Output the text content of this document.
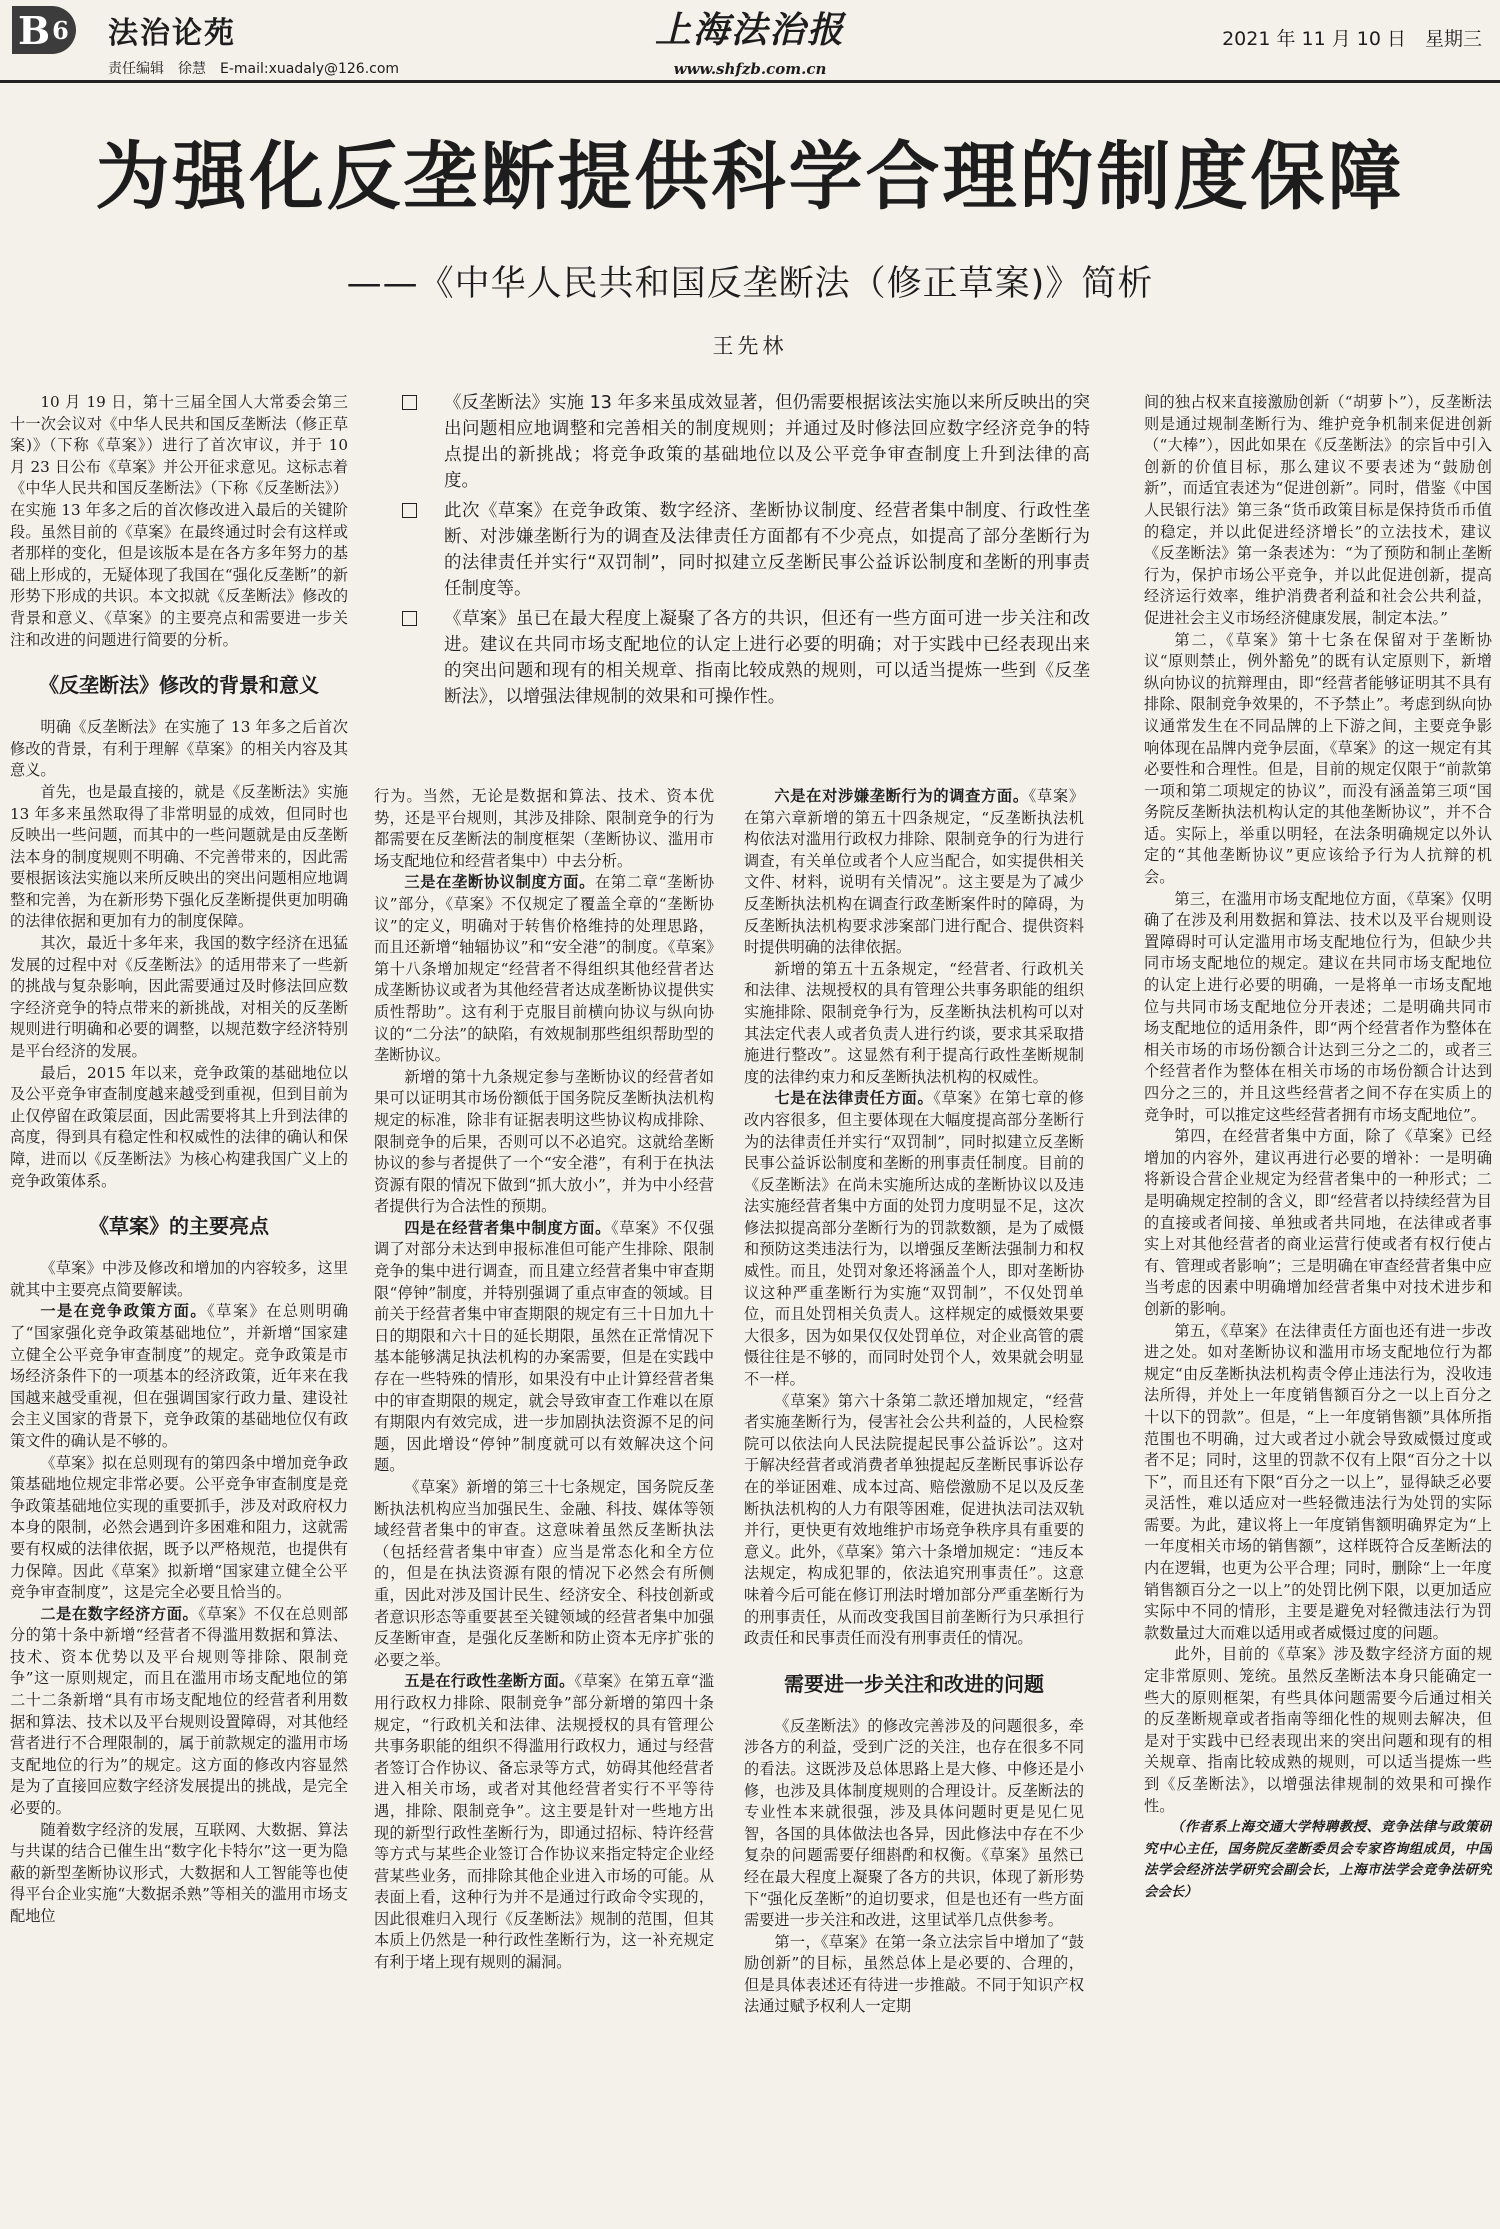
B 6 法治论苑
责任编辑　徐慧　E-mail:xuadaly@126.com
上海法治报
www.shfzb.com.cn
2021 年 11 月 10 日　星期三
为强化反垄断提供科学合理的制度保障
——《中华人民共和国反垄断法（修正草案)》简析
王先林
《反垄断法》实施 13 年多来虽成效显著，但仍需要根据该法实施以来所反映出的突出问题相应地调整和完善相关的制度规则；并通过及时修法回应数字经济竞争的特点提出的新挑战；将竞争政策的基础地位以及公平竞争审查制度上升到法律的高度。
此次《草案》在竞争政策、数字经济、垄断协议制度、经营者集中制度、行政性垄断、对涉嫌垄断行为的调查及法律责任方面都有不少亮点，如提高了部分垄断行为的法律责任并实行“双罚制”，同时拟建立反垄断民事公益诉讼制度和垄断的刑事责任制度等。
《草案》虽已在最大程度上凝聚了各方的共识，但还有一些方面可进一步关注和改进。建议在共同市场支配地位的认定上进行必要的明确；对于实践中已经表现出来的突出问题和现有的相关规章、指南比较成熟的规则，可以适当提炼一些到《反垄断法》，以增强法律规制的效果和可操作性。

10 月 19 日，第十三届全国人大常委会第三十一次会议对《中华人民共和国反垄断法（修正草案)》（下称《草案》）进行了首次审议，并于 10 月 23 日公布《草案》并公开征求意见。这标志着《中华人民共和国反垄断法》（下称《反垄断法》）在实施 13 年多之后的首次修改进入最后的关键阶段。虽然目前的《草案》在最终通过时会有这样或者那样的变化，但是该版本是在各方多年努力的基础上形成的，无疑体现了我国在“强化反垄断”的新形势下形成的共识。本文拟就《反垄断法》修改的背景和意义、《草案》的主要亮点和需要进一步关注和改进的问题进行简要的分析。

《反垄断法》修改的背景和意义

明确《反垄断法》在实施了 13 年多之后首次修改的背景，有利于理解《草案》的相关内容及其意义。

首先，也是最直接的，就是《反垄断法》实施 13 年多来虽然取得了非常明显的成效，但同时也反映出一些问题，而其中的一些问题就是由反垄断法本身的制度规则不明确、不完善带来的，因此需要根据该法实施以来所反映出的突出问题相应地调整和完善，为在新形势下强化反垄断提供更加明确的法律依据和更加有力的制度保障。

其次，最近十多年来，我国的数字经济在迅猛发展的过程中对《反垄断法》的适用带来了一些新的挑战与复杂影响，因此需要通过及时修法回应数字经济竞争的特点带来的新挑战，对相关的反垄断规则进行明确和必要的调整，以规范数字经济特别是平台经济的发展。

最后，2015 年以来，竞争政策的基础地位以及公平竞争审查制度越来越受到重视，但到目前为止仅停留在政策层面，因此需要将其上升到法律的高度，得到具有稳定性和权威性的法律的确认和保障，进而以《反垄断法》为核心构建我国广义上的竞争政策体系。

《草案》的主要亮点

《草案》中涉及修改和增加的内容较多，这里就其中主要亮点简要解读。

一是在竞争政策方面。《草案》在总则明确了“国家强化竞争政策基础地位”，并新增“国家建立健全公平竞争审查制度”的规定。竞争政策是市场经济条件下的一项基本的经济政策，近年来在我国越来越受重视，但在强调国家行政力量、建设社会主义国家的背景下，竞争政策的基础地位仅有政策文件的确认是不够的。

《草案》拟在总则现有的第四条中增加竞争政策基础地位规定非常必要。公平竞争审查制度是竞争政策基础地位实现的重要抓手，涉及对政府权力本身的限制，必然会遇到许多困难和阻力，这就需要有权威的法律依据，既予以严格规范，也提供有力保障。因此《草案》拟新增“国家建立健全公平竞争审查制度”，这是完全必要且恰当的。

二是在数字经济方面。《草案》不仅在总则部分的第十条中新增“经营者不得滥用数据和算法、技术、资本优势以及平台规则等排除、限制竞争”这一原则规定，而且在滥用市场支配地位的第二十二条新增“具有市场支配地位的经营者利用数据和算法、技术以及平台规则设置障碍，对其他经营者进行不合理限制的，属于前款规定的滥用市场支配地位的行为”的规定。这方面的修改内容显然是为了直接回应数字经济发展提出的挑战，是完全必要的。

随着数字经济的发展，互联网、大数据、算法与共谋的结合已催生出“数字化卡特尔”这一更为隐蔽的新型垄断协议形式，大数据和人工智能等也使得平台企业实施“大数据杀熟”等相关的滥用市场支配地位

行为。当然，无论是数据和算法、技术、资本优势，还是平台规则，其涉及排除、限制竞争的行为都需要在反垄断法的制度框架（垄断协议、滥用市场支配地位和经营者集中）中去分析。

三是在垄断协议制度方面。在第二章“垄断协议”部分，《草案》不仅规定了覆盖全章的“垄断协议”的定义，明确对于转售价格维持的处理思路，而且还新增“轴辐协议”和“安全港”的制度。《草案》第十八条增加规定“经营者不得组织其他经营者达成垄断协议或者为其他经营者达成垄断协议提供实质性帮助”。这有利于克服目前横向协议与纵向协议的“二分法”的缺陷，有效规制那些组织帮助型的垄断协议。

新增的第十九条规定参与垄断协议的经营者如果可以证明其市场份额低于国务院反垄断执法机构规定的标准，除非有证据表明这些协议构成排除、限制竞争的后果，否则可以不必追究。这就给垄断协议的参与者提供了一个“安全港”，有利于在执法资源有限的情况下做到“抓大放小”，并为中小经营者提供行为合法性的预期。

四是在经营者集中制度方面。《草案》不仅强调了对部分未达到申报标准但可能产生排除、限制竞争的集中进行调查，而且建立经营者集中审查期限“停钟”制度，并特别强调了重点审查的领域。目前关于经营者集中审查期限的规定有三十日加九十日的期限和六十日的延长期限，虽然在正常情况下基本能够满足执法机构的办案需要，但是在实践中存在一些特殊的情形，如果没有中止计算经营者集中的审查期限的规定，就会导致审查工作难以在原有期限内有效完成，进一步加剧执法资源不足的问题，因此增设“停钟”制度就可以有效解决这个问题。

《草案》新增的第三十七条规定，国务院反垄断执法机构应当加强民生、金融、科技、媒体等领域经营者集中的审查。这意味着虽然反垄断执法（包括经营者集中审查）应当是常态化和全方位的，但是在执法资源有限的情况下必然会有所侧重，因此对涉及国计民生、经济安全、科技创新或者意识形态等重要甚至关键领域的经营者集中加强反垄断审查，是强化反垄断和防止资本无序扩张的必要之举。

五是在行政性垄断方面。《草案》在第五章“滥用行政权力排除、限制竞争”部分新增的第四十条规定，“行政机关和法律、法规授权的具有管理公共事务职能的组织不得滥用行政权力，通过与经营者签订合作协议、备忘录等方式，妨碍其他经营者进入相关市场，或者对其他经营者实行不平等待遇，排除、限制竞争”。这主要是针对一些地方出现的新型行政性垄断行为，即通过招标、特许经营等方式与某些企业签订合作协议来指定特定企业经营某些业务，而排除其他企业进入市场的可能。从表面上看，这种行为并不是通过行政命令实现的，因此很难归入现行《反垄断法》规制的范围，但其本质上仍然是一种行政性垄断行为，这一补充规定有利于堵上现有规则的漏洞。

六是在对涉嫌垄断行为的调查方面。《草案》在第六章新增的第五十四条规定，“反垄断执法机构依法对滥用行政权力排除、限制竞争的行为进行调查，有关单位或者个人应当配合，如实提供相关文件、材料，说明有关情况”。这主要是为了减少反垄断执法机构在调查行政垄断案件时的障碍，为反垄断执法机构要求涉案部门进行配合、提供资料时提供明确的法律依据。

新增的第五十五条规定，“经营者、行政机关和法律、法规授权的具有管理公共事务职能的组织实施排除、限制竞争行为，反垄断执法机构可以对其法定代表人或者负责人进行约谈，要求其采取措施进行整改”。这显然有利于提高行政性垄断规制度的法律约束力和反垄断执法机构的权威性。

七是在法律责任方面。《草案》在第七章的修改内容很多，但主要体现在大幅度提高部分垄断行为的法律责任并实行“双罚制”，同时拟建立反垄断民事公益诉讼制度和垄断的刑事责任制度。目前的《反垄断法》在尚未实施所达成的垄断协议以及违法实施经营者集中方面的处罚力度明显不足，这次修法拟提高部分垄断行为的罚款数额，是为了威慑和预防这类违法行为，以增强反垄断法强制力和权威性。而且，处罚对象还将涵盖个人，即对垄断协议这种严重垄断行为实施“双罚制”，不仅处罚单位，而且处罚相关负责人。这样规定的威慑效果要大很多，因为如果仅仅处罚单位，对企业高管的震慑往往是不够的，而同时处罚个人，效果就会明显不一样。

《草案》第六十条第二款还增加规定，“经营者实施垄断行为，侵害社会公共利益的，人民检察院可以依法向人民法院提起民事公益诉讼”。这对于解决经营者或消费者单独提起反垄断民事诉讼存在的举证困难、成本过高、赔偿激励不足以及反垄断执法机构的人力有限等困难，促进执法司法双轨并行，更快更有效地维护市场竞争秩序具有重要的意义。此外，《草案》第六十条增加规定：“违反本法规定，构成犯罪的，依法追究刑事责任”。这意味着今后可能在修订刑法时增加部分严重垄断行为的刑事责任，从而改变我国目前垄断行为只承担行政责任和民事责任而没有刑事责任的情况。

需要进一步关注和改进的问题

《反垄断法》的修改完善涉及的问题很多，牵涉各方的利益，受到广泛的关注，也存在很多不同的看法。这既涉及总体思路上是大修、中修还是小修，也涉及具体制度规则的合理设计。反垄断法的专业性本来就很强，涉及具体问题时更是见仁见智，各国的具体做法也各异，因此修法中存在不少复杂的问题需要仔细斟酌和权衡。《草案》虽然已经在最大程度上凝聚了各方的共识，体现了新形势下“强化反垄断”的迫切要求，但是也还有一些方面需要进一步关注和改进，这里试举几点供参考。

第一，《草案》在第一条立法宗旨中增加了“鼓励创新”的目标，虽然总体上是必要的、合理的，但是具体表述还有待进一步推敲。不同于知识产权法通过赋予权利人一定期

间的独占权来直接激励创新（“胡萝卜”），反垄断法则是通过规制垄断行为、维护竞争机制来促进创新（“大棒”），因此如果在《反垄断法》的宗旨中引入创新的价值目标，那么建议不要表述为“鼓励创新”，而适宜表述为“促进创新”。同时，借鉴《中国人民银行法》第三条“货币政策目标是保持货币币值的稳定，并以此促进经济增长”的立法技术，建议《反垄断法》第一条表述为：“为了预防和制止垄断行为，保护市场公平竞争，并以此促进创新，提高经济运行效率，维护消费者利益和社会公共利益，促进社会主义市场经济健康发展，制定本法。”

第二，《草案》第十七条在保留对于垄断协议“原则禁止，例外豁免”的既有认定原则下，新增纵向协议的抗辩理由，即“经营者能够证明其不具有排除、限制竞争效果的，不予禁止”。考虑到纵向协议通常发生在不同品牌的上下游之间，主要竞争影响体现在品牌内竞争层面，《草案》的这一规定有其必要性和合理性。但是，目前的规定仅限于“前款第一项和第二项规定的协议”，而没有涵盖第三项“国务院反垄断执法机构认定的其他垄断协议”，并不合适。实际上，举重以明轻，在法条明确规定以外认定的“其他垄断协议”更应该给予行为人抗辩的机会。

第三，在滥用市场支配地位方面，《草案》仅明确了在涉及利用数据和算法、技术以及平台规则设置障碍时可认定滥用市场支配地位行为，但缺少共同市场支配地位的规定。建议在共同市场支配地位的认定上进行必要的明确，一是将单一市场支配地位与共同市场支配地位分开表述；二是明确共同市场支配地位的适用条件，即“两个经营者作为整体在相关市场的市场份额合计达到三分之二的，或者三个经营者作为整体在相关市场的市场份额合计达到四分之三的，并且这些经营者之间不存在实质上的竞争时，可以推定这些经营者拥有市场支配地位”。

第四，在经营者集中方面，除了《草案》已经增加的内容外，建议再进行必要的增补：一是明确将新设合营企业规定为经营者集中的一种形式；二是明确规定控制的含义，即“经营者以持续经营为目的直接或者间接、单独或者共同地，在法律或者事实上对其他经营者的商业运营行使或者有权行使占有、管理或者影响”；三是明确在审查经营者集中应当考虑的因素中明确增加经营者集中对技术进步和创新的影响。

第五，《草案》在法律责任方面也还有进一步改进之处。如对垄断协议和滥用市场支配地位行为都规定“由反垄断执法机构责令停止违法行为，没收违法所得，并处上一年度销售额百分之一以上百分之十以下的罚款”。但是，“上一年度销售额”具体所指范围也不明确，过大或者过小就会导致威慑过度或者不足；同时，这里的罚款不仅有上限“百分之十以下”，而且还有下限“百分之一以上”，显得缺乏必要灵活性，难以适应对一些轻微违法行为处罚的实际需要。为此，建议将上一年度销售额明确界定为“上一年度相关市场的销售额”，这样既符合反垄断法的内在逻辑，也更为公平合理；同时，删除“上一年度销售额百分之一以上”的处罚比例下限，以更加适应实际中不同的情形，主要是避免对轻微违法行为罚款数量过大而难以适用或者威慑过度的问题。

此外，目前的《草案》涉及数字经济方面的规定非常原则、笼统。虽然反垄断法本身只能确定一些大的原则框架，有些具体问题需要今后通过相关的反垄断规章或者指南等细化性的规则去解决，但是对于实践中已经表现出来的突出问题和现有的相关规章、指南比较成熟的规则，可以适当提炼一些到《反垄断法》，以增强法律规制的效果和可操作性。

（作者系上海交通大学特聘教授、竞争法律与政策研究中心主任，国务院反垄断委员会专家咨询组成员，中国法学会经济法学研究会副会长，上海市法学会竞争法研究会会长）
